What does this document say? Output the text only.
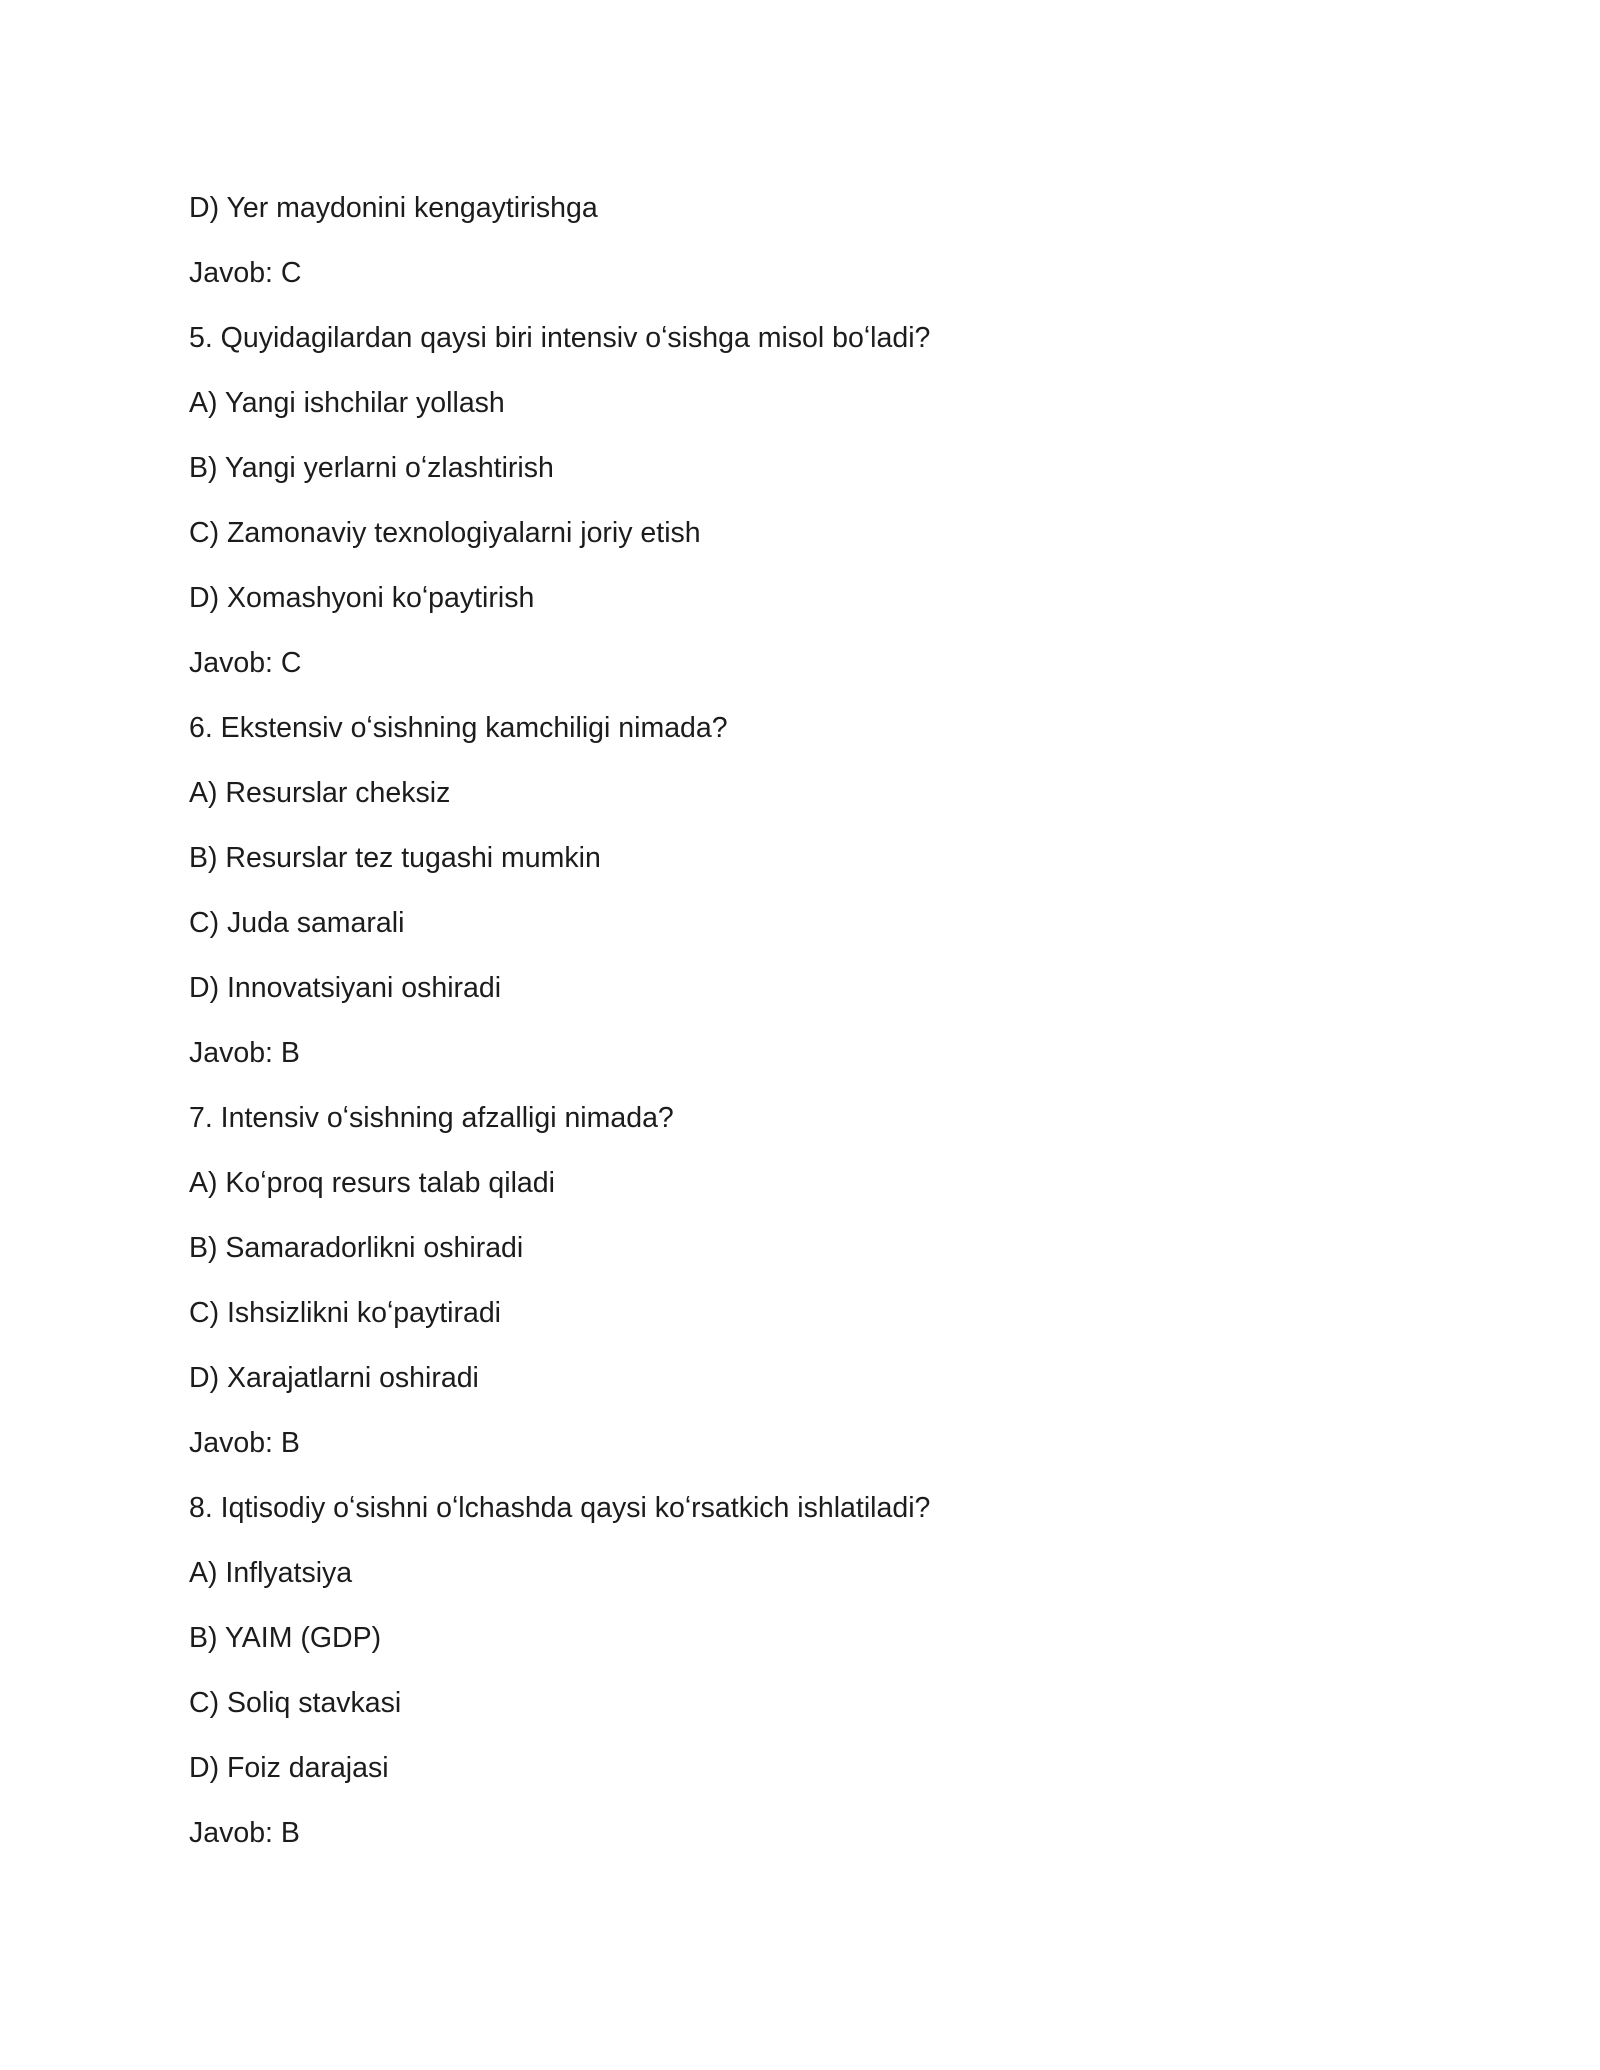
D) Yer maydonini kengaytirishga
Javob: C
5. Quyidagilardan qaysi biri intensiv oʻsishga misol boʻladi?
A) Yangi ishchilar yollash
B) Yangi yerlarni oʻzlashtirish
C) Zamonaviy texnologiyalarni joriy etish
D) Xomashyoni koʻpaytirish
Javob: C
6. Ekstensiv oʻsishning kamchiligi nimada?
A) Resurslar cheksiz
B) Resurslar tez tugashi mumkin
C) Juda samarali
D) Innovatsiyani oshiradi
Javob: B
7. Intensiv oʻsishning afzalligi nimada?
A) Koʻproq resurs talab qiladi
B) Samaradorlikni oshiradi
C) Ishsizlikni koʻpaytiradi
D) Xarajatlarni oshiradi
Javob: B
8. Iqtisodiy oʻsishni oʻlchashda qaysi koʻrsatkich ishlatiladi?
A) Inflyatsiya
B) YAIM (GDP)
C) Soliq stavkasi
D) Foiz darajasi
Javob: B
